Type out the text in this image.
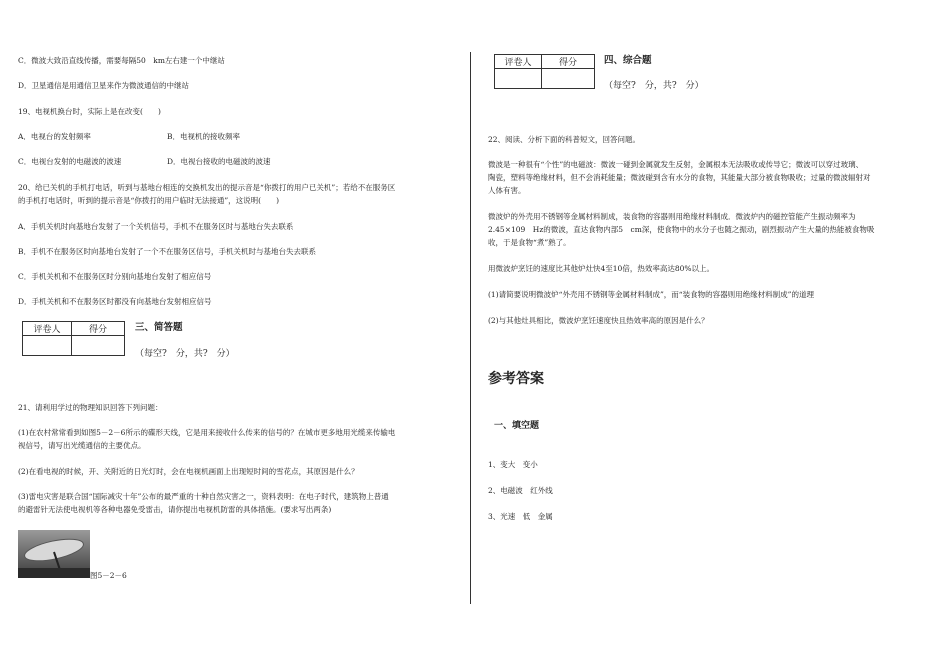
C．微波大致沿直线传播，需要每隔50　km左右建一个中继站
D．卫星通信是用通信卫星来作为微波通信的中继站
19、电视机换台时，实际上是在改变(　　)
A．电视台的发射频率	B．电视机的接收频率
C．电视台发射的电磁波的波速	D．电视台接收的电磁波的波速
20、给已关机的手机打电话，听到与基地台相连的交换机发出的提示音是“你拨打的用户已关机”；若给不在服务区
的手机打电话时，听到的提示音是“你拨打的用户临时无法接通”，这说明(　　)
A．手机关机时向基地台发射了一个关机信号，手机不在服务区时与基地台失去联系
B．手机不在服务区时向基地台发射了一个不在服务区信号，手机关机时与基地台失去联系
C．手机关机和不在服务区时分别向基地台发射了相应信号
D．手机关机和不在服务区时都没有向基地台发射相应信号
评卷人	得分
		三、简答题
（每空?　分，共?　分）
21、请利用学过的物理知识回答下列问题：
(1)在农村常常看到如图5－2－6所示的碟形天线，它是用来接收什么传来的信号的？在城市更多地用光缆来传输电
视信号，请写出光缆通信的主要优点。
(2)在看电视的时候，开、关附近的日光灯时，会在电视机画面上出现短时间的雪花点，其原因是什么？
(3)雷电灾害是联合国“国际减灾十年”公布的最严重的十种自然灾害之一，资料表明：在电子时代，建筑物上普通
的避雷针无法使电视机等各种电器免受雷击，请你提出电视机防雷的具体措施。(要求写出两条)
图5－2－6
评卷人	得分
		四、综合题
（每空?　分，共?　分）
22、阅读、分析下面的科普短文，回答问题。
微波是一种很有“个性”的电磁波：微波一碰到金属就发生反射，金属根本无法吸收或传导它；微波可以穿过玻璃、
陶瓷，塑料等绝缘材料，但不会消耗能量；微波碰到含有水分的食物，其能量大部分被食物吸收；过量的微波辐射对
人体有害。
微波炉的外壳用不锈钢等金属材料制成，装食物的容器则用绝缘材料制成．微波炉内的磁控管能产生振动频率为
2.45×109　Hz的微波，直达食物内部5　cm深，使食物中的水分子也随之振动，剧烈振动产生大量的热能被食物吸
收，于是食物“煮”熟了。
用微波炉烹饪的速度比其他炉灶快4至10倍，热效率高达80%以上。
(1)请简要说明微波炉“外壳用不锈钢等金属材料制成”，而“装食物的容器则用绝缘材料制成”的道理
(2)与其他灶具相比，微波炉烹饪速度快且热效率高的原因是什么？
参考答案
一、填空题
1、变大　变小
2、电磁波　红外线
3、光速　低　金属
